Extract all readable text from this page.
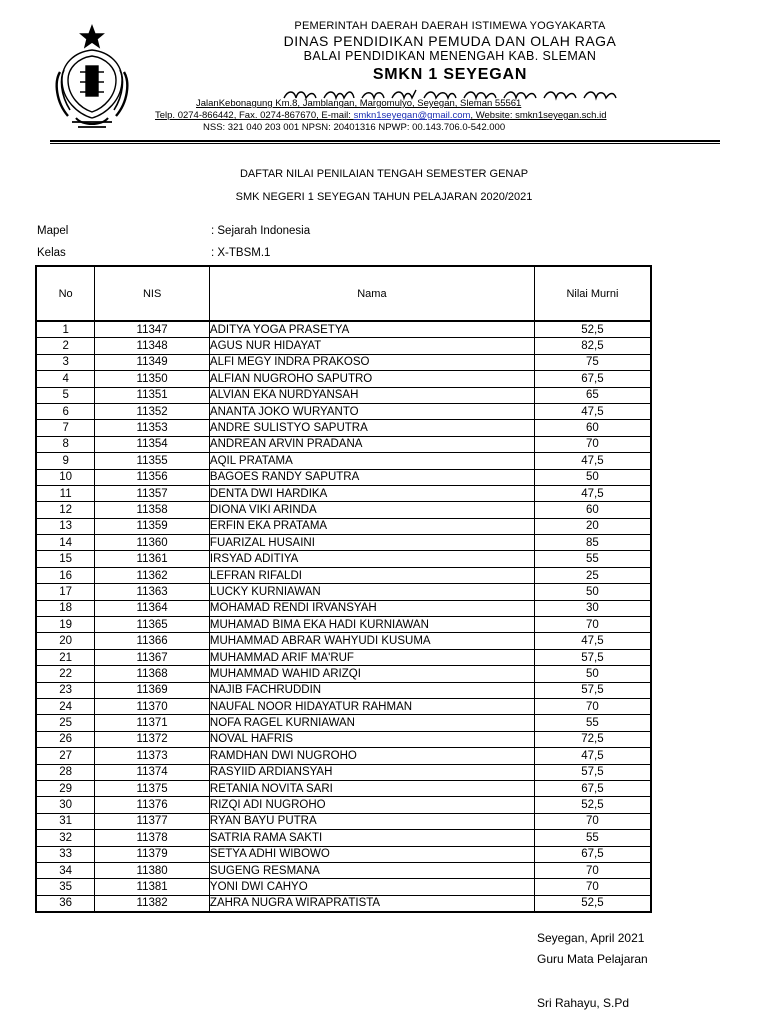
PEMERINTAH DAERAH DAERAH ISTIMEWA YOGYAKARTA
DINAS PENDIDIKAN PEMUDA DAN OLAH RAGA
BALAI PENDIDIKAN MENENGAH KAB. SLEMAN
SMKN 1 SEYEGAN
JalanKebonagung Km.8, Jamblangan, Margomulyo, Seyegan, Sleman 55561
Telp. 0274-866442, Fax. 0274-867670, E-mail: smkn1seyegan@gmail.com, Website: smkn1seyegan.sch.id
NSS: 321 040 203 001 NPSN: 20401316 NPWP: 00.143.706.0-542.000
DAFTAR NILAI PENILAIAN TENGAH SEMESTER GENAP
SMK NEGERI 1 SEYEGAN TAHUN PELAJARAN 2020/2021
Mapel	: Sejarah Indonesia
Kelas	: X-TBSM.1
No	NIS	Nama	Nilai Murni
1	11347	ADITYA YOGA PRASETYA	52,5
2	11348	AGUS NUR HIDAYAT	82,5
3	11349	ALFI MEGY INDRA PRAKOSO	75
4	11350	ALFIAN NUGROHO SAPUTRO	67,5
5	11351	ALVIAN EKA NURDYANSAH	65
6	11352	ANANTA JOKO WURYANTO	47,5
7	11353	ANDRE SULISTYO SAPUTRA	60
8	11354	ANDREAN ARVIN PRADANA	70
9	11355	AQIL PRATAMA	47,5
10	11356	BAGOES RANDY SAPUTRA	50
11	11357	DENTA DWI HARDIKA	47,5
12	11358	DIONA VIKI ARINDA	60
13	11359	ERFIN EKA PRATAMA	20
14	11360	FUARIZAL HUSAINI	85
15	11361	IRSYAD ADITIYA	55
16	11362	LEFRAN RIFALDI	25
17	11363	LUCKY KURNIAWAN	50
18	11364	MOHAMAD RENDI IRVANSYAH	30
19	11365	MUHAMAD BIMA EKA HADI KURNIAWAN	70
20	11366	MUHAMMAD ABRAR WAHYUDI KUSUMA	47,5
21	11367	MUHAMMAD ARIF MA'RUF	57,5
22	11368	MUHAMMAD WAHID ARIZQI	50
23	11369	NAJIB FACHRUDDIN	57,5
24	11370	NAUFAL NOOR HIDAYATUR RAHMAN	70
25	11371	NOFA RAGEL KURNIAWAN	55
26	11372	NOVAL HAFRIS	72,5
27	11373	RAMDHAN DWI NUGROHO	47,5
28	11374	RASYIID ARDIANSYAH	57,5
29	11375	RETANIA NOVITA SARI	67,5
30	11376	RIZQI ADI NUGROHO	52,5
31	11377	RYAN BAYU PUTRA	70
32	11378	SATRIA RAMA SAKTI	55
33	11379	SETYA ADHI WIBOWO	67,5
34	11380	SUGENG RESMANA	70
35	11381	YONI DWI CAHYO	70
36	11382	ZAHRA NUGRA WIRAPRATISTA	52,5
Seyegan, April 2021
Guru Mata Pelajaran
Sri Rahayu, S.Pd
